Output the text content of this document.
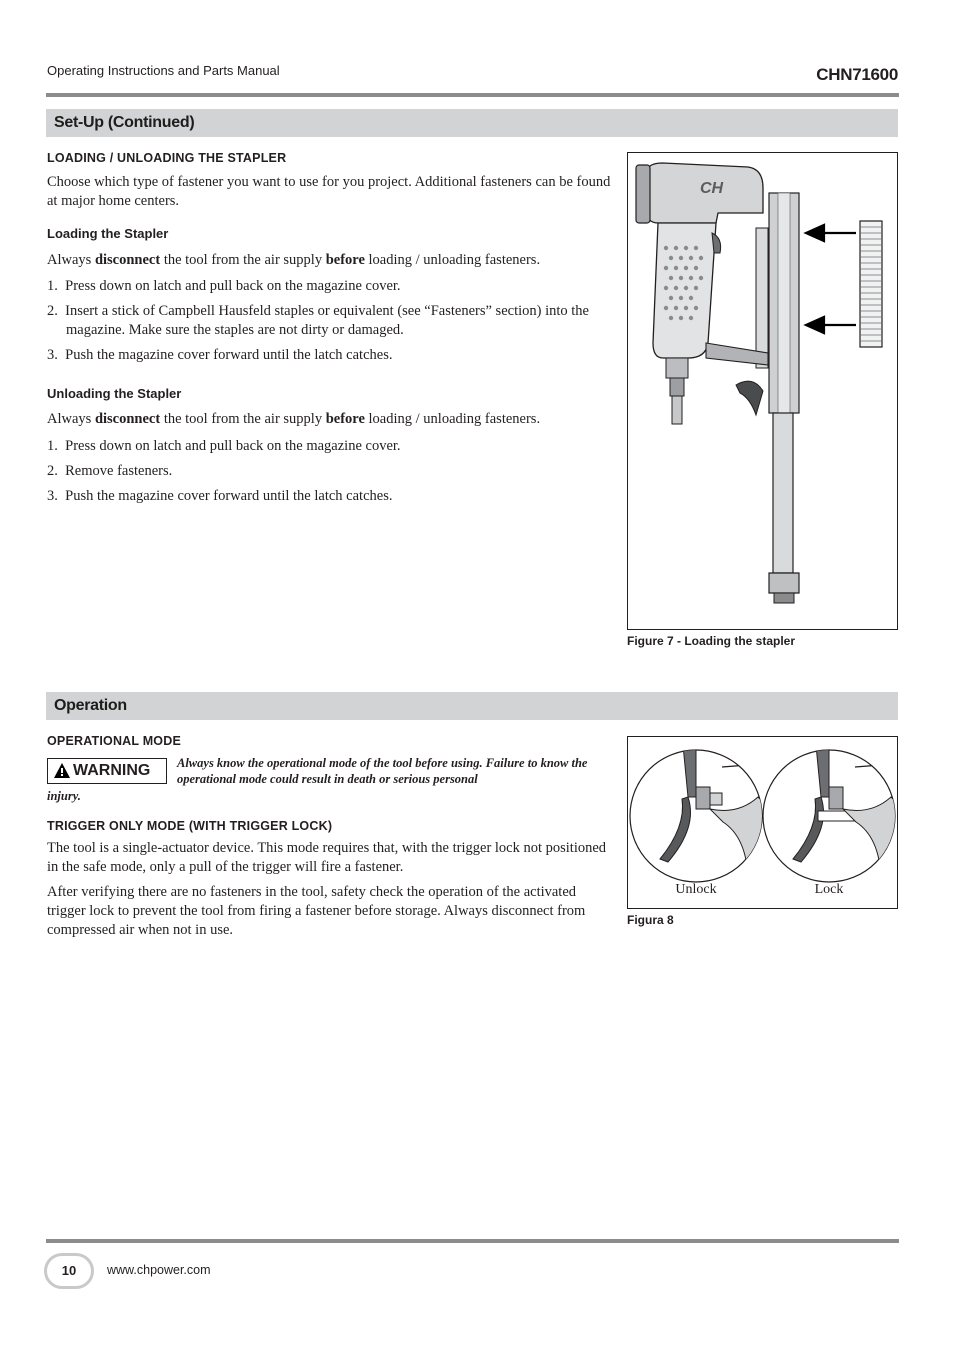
Operating Instructions and Parts Manual	CHN71600
Set-Up (Continued)
LOADING / UNLOADING THE STAPLER
Choose which type of fastener you want to use for you project. Additional fasteners can be found at major home centers.
Loading the Stapler
Always disconnect the tool from the air supply before loading / unloading fasteners.
1. Press down on latch and pull back on the magazine cover.
2. Insert a stick of Campbell Hausfeld staples or equivalent (see “Fasteners” section) into the magazine. Make sure the staples are not dirty or damaged.
3. Push the magazine cover forward until the latch catches.
Unloading the Stapler
Always disconnect the tool from the air supply before loading / unloading fasteners.
1. Press down on latch and pull back on the magazine cover.
2. Remove fasteners.
3. Push the magazine cover forward until the latch catches.
CH
Figure 7 - Loading the stapler
Operation
OPERATIONAL MODE
WARNING Always know the operational mode of the tool before using. Failure to know the operational mode could result in death or serious personal
injury.
TRIGGER ONLY MODE (WITH TRIGGER LOCK)
The tool is a single-actuator device. This mode requires that, with the trigger lock not positioned in the safe mode, only a pull of the trigger will fire a fastener.
After verifying there are no fasteners in the tool, safety check the operation of the activated trigger lock to prevent the tool from firing a fastener before storage. Always disconnect from compressed air when not in use.
Unlock	Lock
Figura 8
10	www.chpower.com
